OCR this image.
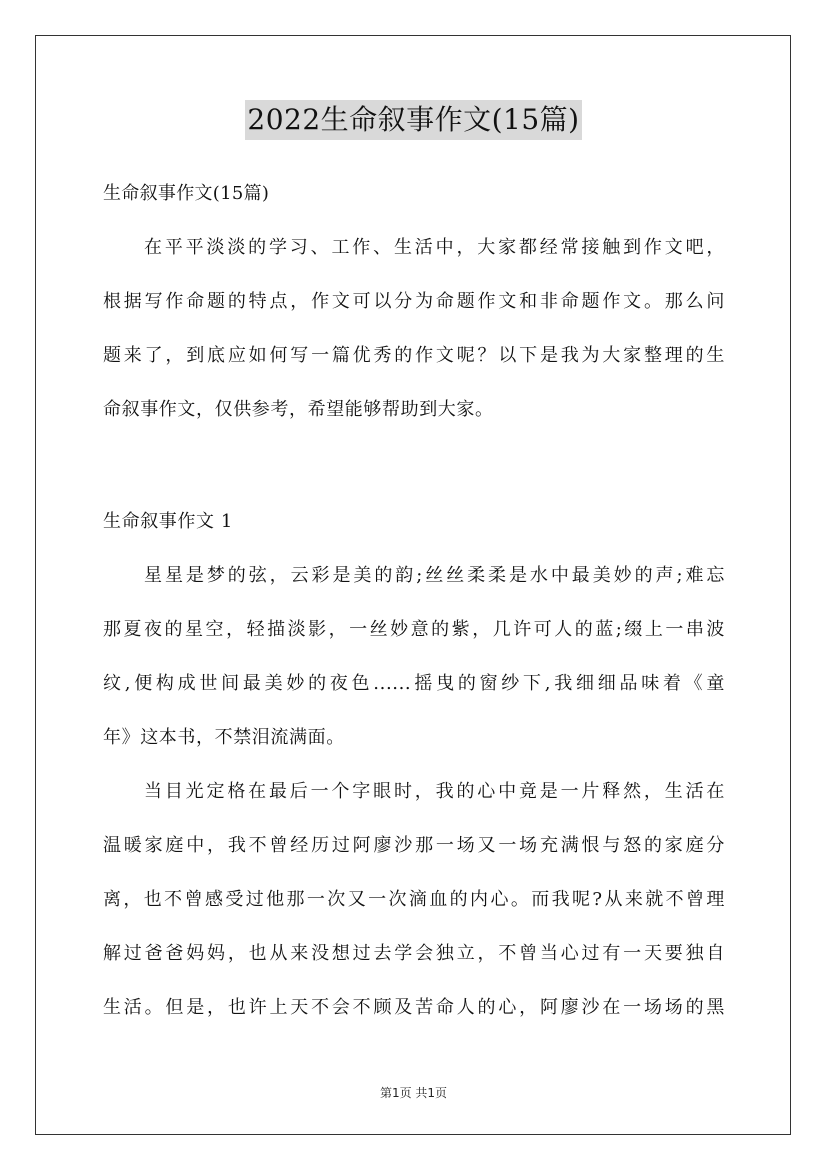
2022生命叙事作文(15篇)
生命叙事作文(15篇)
在平平淡淡的学习、工作、生活中，大家都经常接触到作文吧，
根据写作命题的特点，作文可以分为命题作文和非命题作文。那么问
题来了，到底应如何写一篇优秀的作文呢？以下是我为大家整理的生
命叙事作文，仅供参考，希望能够帮助到大家。
生命叙事作文 1
星星是梦的弦，云彩是美的韵;丝丝柔柔是水中最美妙的声;难忘
那夏夜的星空，轻描淡影，一丝妙意的紫，几许可人的蓝;缀上一串波
纹,便构成世间最美妙的夜色......摇曳的窗纱下,我细细品味着《童
年》这本书，不禁泪流满面。
当目光定格在最后一个字眼时，我的心中竟是一片释然，生活在
温暖家庭中，我不曾经历过阿廖沙那一场又一场充满恨与怒的家庭分
离，也不曾感受过他那一次又一次滴血的内心。而我呢?从来就不曾理
解过爸爸妈妈，也从来没想过去学会独立，不曾当心过有一天要独自
生活。但是，也许上天不会不顾及苦命人的心，阿廖沙在一场场的黑
第1页 共1页
